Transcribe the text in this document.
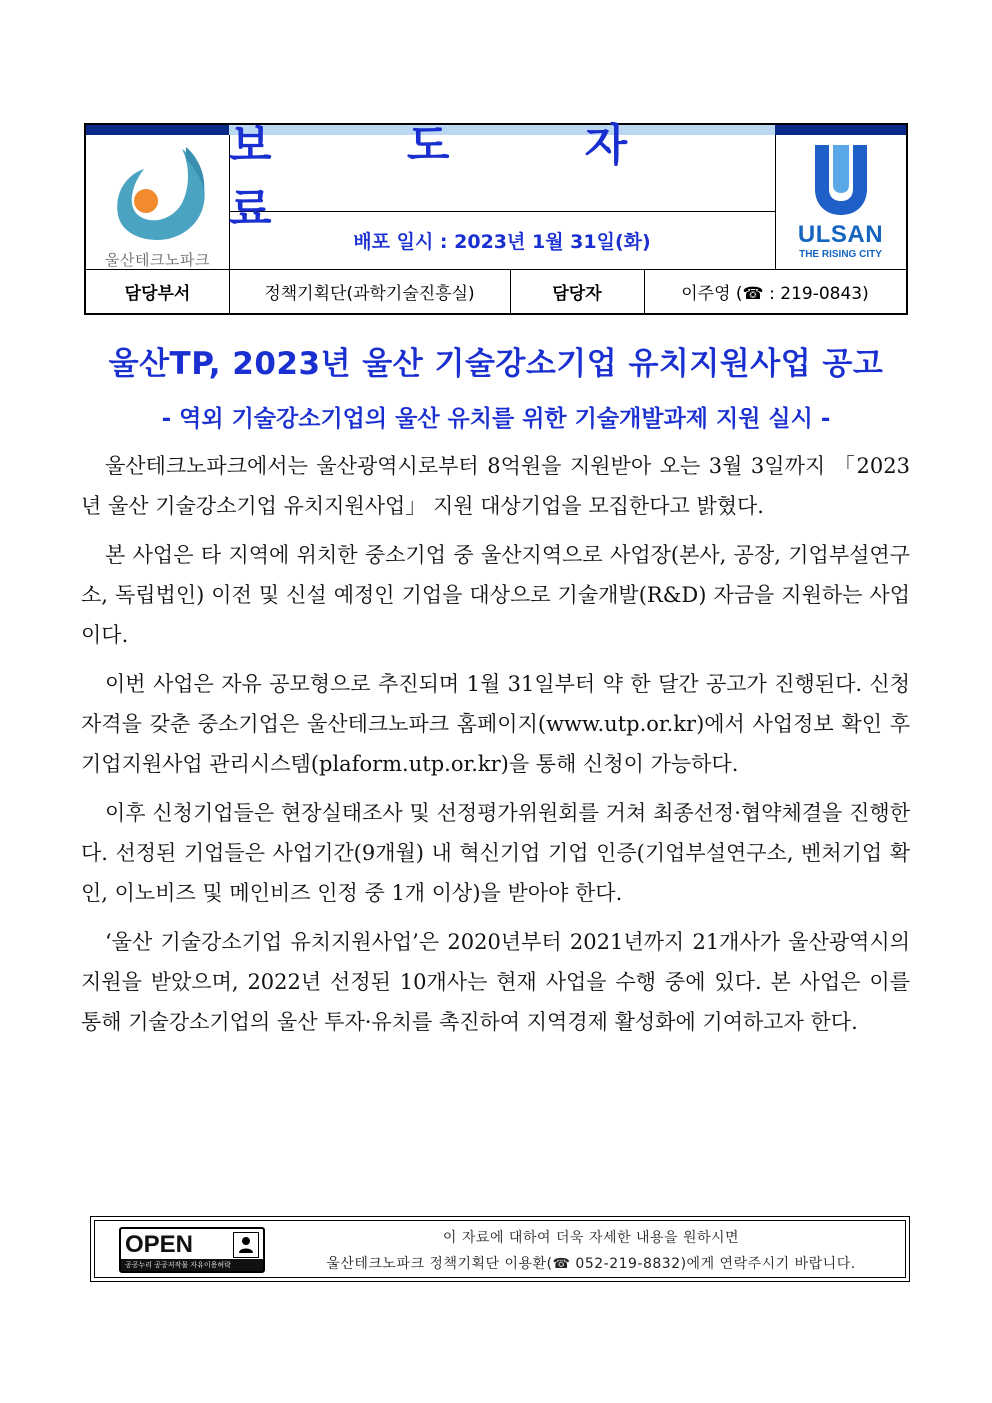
울산테크노파크
보 도 자 료
배포 일시 : 2023년 1월 31일(화)	ULSAN
THE RISING CITY
담당부서	정책기획단(과학기술진흥실)	담당자	이주영 (☎ : 219-0843)
울산TP, 2023년 울산 기술강소기업 유치지원사업 공고
- 역외 기술강소기업의 울산 유치를 위한 기술개발과제 지원 실시 -

울산테크노파크에서는 울산광역시로부터 8억원을 지원받아 오는 3월 3일까지 「2023년 울산 기술강소기업 유치지원사업」 지원 대상기업을 모집한다고 밝혔다.

본 사업은 타 지역에 위치한 중소기업 중 울산지역으로 사업장(본사, 공장, 기업부설연구소, 독립법인) 이전 및 신설 예정인 기업을 대상으로 기술개발(R&D) 자금을 지원하는 사업이다.

이번 사업은 자유 공모형으로 추진되며 1월 31일부터 약 한 달간 공고가 진행된다. 신청자격을 갖춘 중소기업은 울산테크노파크 홈페이지(www.utp.or.kr)에서 사업정보 확인 후 기업지원사업 관리시스템(plaform.utp.or.kr)을 통해 신청이 가능하다.

이후 신청기업들은 현장실태조사 및 선정평가위원회를 거쳐 최종선정·협약체결을 진행한다. 선정된 기업들은 사업기간(9개월) 내 혁신기업 기업 인증(기업부설연구소, 벤처기업 확인, 이노비즈 및 메인비즈 인정 중 1개 이상)을 받아야 한다.

‘울산 기술강소기업 유치지원사업’은 2020년부터 2021년까지 21개사가 울산광역시의 지원을 받았으며, 2022년 선정된 10개사는 현재 사업을 수행 중에 있다. 본 사업은 이를 통해 기술강소기업의 울산 투자·유치를 촉진하여 지역경제 활성화에 기여하고자 한다.

OPEN
공공누리 공공저작물 자유이용허락
이 자료에 대하여 더욱 자세한 내용을 원하시면
울산테크노파크 정책기획단 이용환(☎ 052-219-8832)에게 연락주시기 바랍니다.
